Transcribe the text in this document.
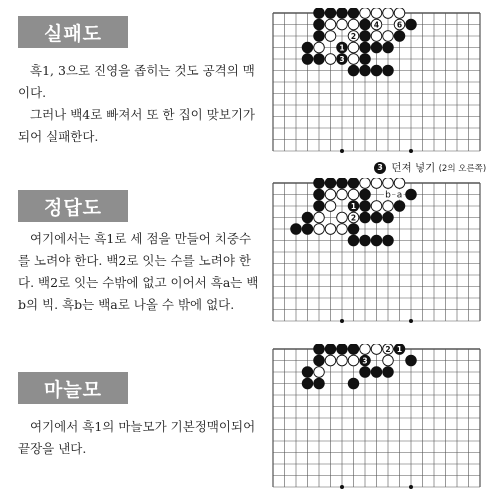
실패도

흑1, 3으로 진영을 좁히는 것도 공격의 맥이다.

그러나 백4로 빠져서 또 한 집이 맞보기가 되어 실패한다.

정답도

여기에서는 흑1로 세 점을 만들어 치중수를 노려야 한다. 백2로 잇는 수를 노려야 한다. 백2로 잇는 수밖에 없고 이어서 흑a는 백b의 빅. 흑b는 백a로 나올 수 밖에 없다.

마늘모

여기에서 흑1의 마늘모가 기본정맥이되어 끝장을 낸다.

4 6
2
1
3
3 던져 넣기 (2의 오른쪽)
1
2
b a
2 1
3
